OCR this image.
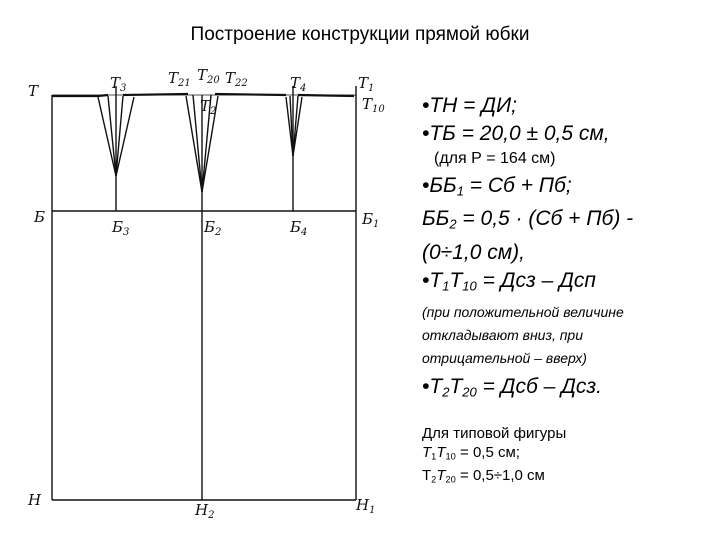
Построение конструкции прямой юбки
Т	$Т_3$
$Т_{21}$ $Т_{20}$ $Т_{22}$
$Т_2$
$Т_4$	$Т_1$
$Т_{10}$
Б
$Б_3$	$Б_2$	$Б_4$
$Б_1$
Н
$Н_2$
$Н_1$
•ТН = ДИ;
•ТБ = 20,0 ± 0,5 см,
(для Р = 164 см)
$•ББ_1$ = Сб + Пб;
$ББ_2 = 0,5 \cdot (Сб + Пб)$ -
(0÷1,0 см),
$•Т_1Т_{10}$ = Дсз – Дсп
(при положительной величине
откладывают вниз, при
отрицательной – вверх)
$•Т_2Т_{20}$ = Дсб – Дсз.
Для типовой фигуры
$Т_1Т_{10} = 0,5$ см;
$Т_2Т_{20} = 0,5\div 1,0$ см
